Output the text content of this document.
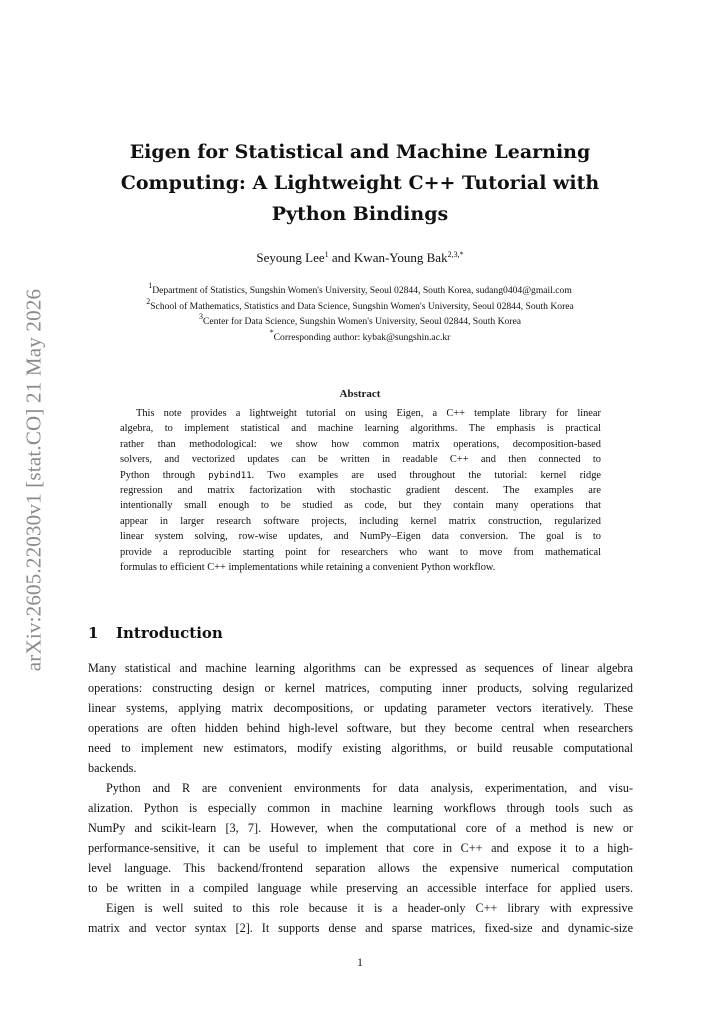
arXiv:2605.22030v1 [stat.CO] 21 May 2026
Eigen for Statistical and Machine Learning
Computing: A Lightweight C++ Tutorial with
Python Bindings
Seyoung Lee$^1$ and Kwan-Young Bak$^{2,3,*}$
$^1$Department of Statistics, Sungshin Women's University, Seoul 02844, South Korea, sudang0404@gmail.com
$^2$School of Mathematics, Statistics and Data Science, Sungshin Women's University, Seoul 02844, South Korea
$^3$Center for Data Science, Sungshin Women's University, Seoul 02844, South Korea
*Corresponding author: kybak@sungshin.ac.kr
Abstract
This note provides a lightweight tutorial on using Eigen, a C++ template library for linear
algebra, to implement statistical and machine learning algorithms. The emphasis is practical
rather than methodological: we show how common matrix operations, decomposition-based
solvers, and vectorized updates can be written in readable C++ and then connected to
Python through pybind11. Two examples are used throughout the tutorial: kernel ridge
regression and matrix factorization with stochastic gradient descent. The examples are
intentionally small enough to be studied as code, but they contain many operations that
appear in larger research software projects, including kernel matrix construction, regularized
linear system solving, row-wise updates, and NumPy–Eigen data conversion. The goal is to
provide a reproducible starting point for researchers who want to move from mathematical
formulas to efficient C++ implementations while retaining a convenient Python workflow.
1 Introduction
Many statistical and machine learning algorithms can be expressed as sequences of linear algebra
operations: constructing design or kernel matrices, computing inner products, solving regularized
linear systems, applying matrix decompositions, or updating parameter vectors iteratively. These
operations are often hidden behind high-level software, but they become central when researchers
need to implement new estimators, modify existing algorithms, or build reusable computational
backends.
Python and R are convenient environments for data analysis, experimentation, and visu-
alization. Python is especially common in machine learning workflows through tools such as
NumPy and scikit-learn [3, 7]. However, when the computational core of a method is new or
performance-sensitive, it can be useful to implement that core in C++ and expose it to a high-
level language. This backend/frontend separation allows the expensive numerical computation
to be written in a compiled language while preserving an accessible interface for applied users.
Eigen is well suited to this role because it is a header-only C++ library with expressive
matrix and vector syntax [2]. It supports dense and sparse matrices, fixed-size and dynamic-size
1
